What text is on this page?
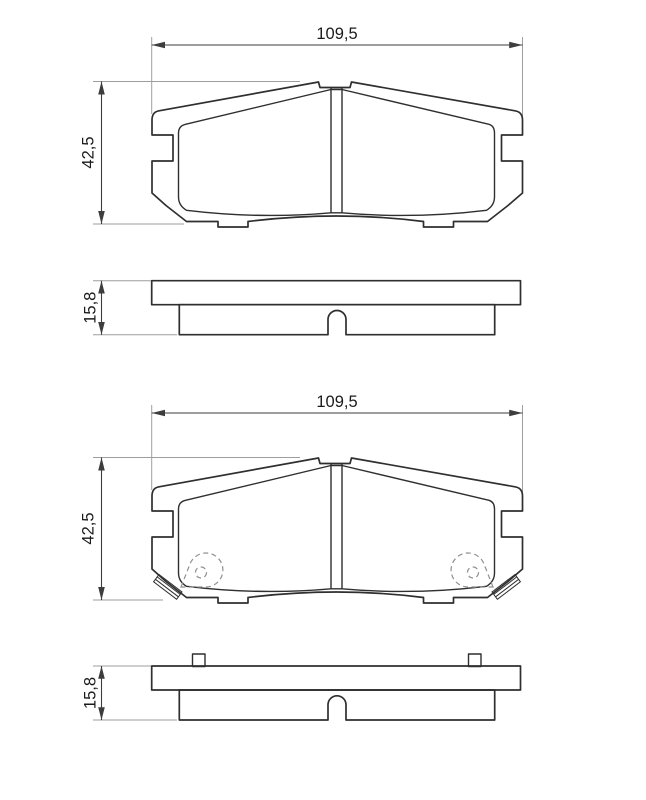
109,5
42,5
15,8
109,5
42,5
15,8
